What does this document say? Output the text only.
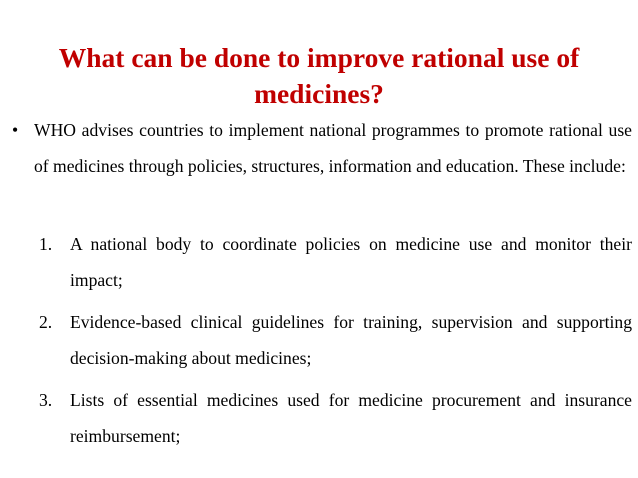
What can be done to improve rational use of medicines?
• WHO advises countries to implement national programmes to promote rational use of medicines through policies, structures, information and education. These include:
1. A national body to coordinate policies on medicine use and monitor their impact;
2. Evidence-based clinical guidelines for training, supervision and supporting decision-making about medicines;
3. Lists of essential medicines used for medicine procurement and insurance reimbursement;
